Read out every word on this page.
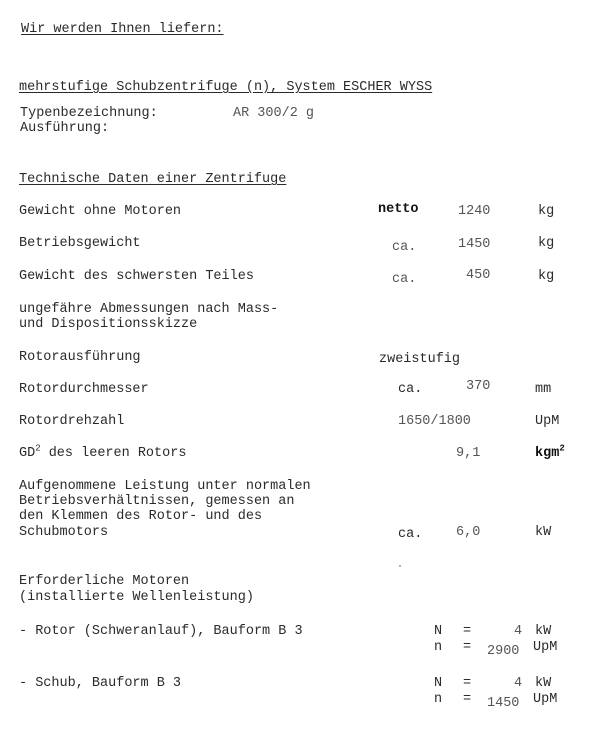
Wir werden Ihnen liefern:
mehrstufige Schubzentrifuge (n), System ESCHER WYSS
Typenbezeichnung:	AR 300/2 g
Ausführung:
Technische Daten einer Zentrifuge
Gewicht ohne Motoren	netto	1240	kg
Betriebsgewicht	ca.	1450	kg
Gewicht des schwersten Teiles	ca.	450	kg
ungefähre Abmessungen nach Mass-
und Dispositionsskizze
Rotorausführung	zweistufig
Rotordurchmesser	ca.	370	mm
Rotordrehzahl	1650/1800	UpM
$GD^2$ des leeren Rotors	9,1	kgm$^2$
Aufgenommene Leistung unter normalen
Betriebsverhältnissen, gemessen an
den Klemmen des Rotor- und des
Schubmotors	ca. 6,0	kW
Erforderliche Motoren
(installierte Wellenleistung)
- Rotor (Schweranlauf), Bauform B 3	N =	4 kW
n = 2900 UpM
- Schub, Bauform B 3	N =	4 kW
n = 1450 UpM
